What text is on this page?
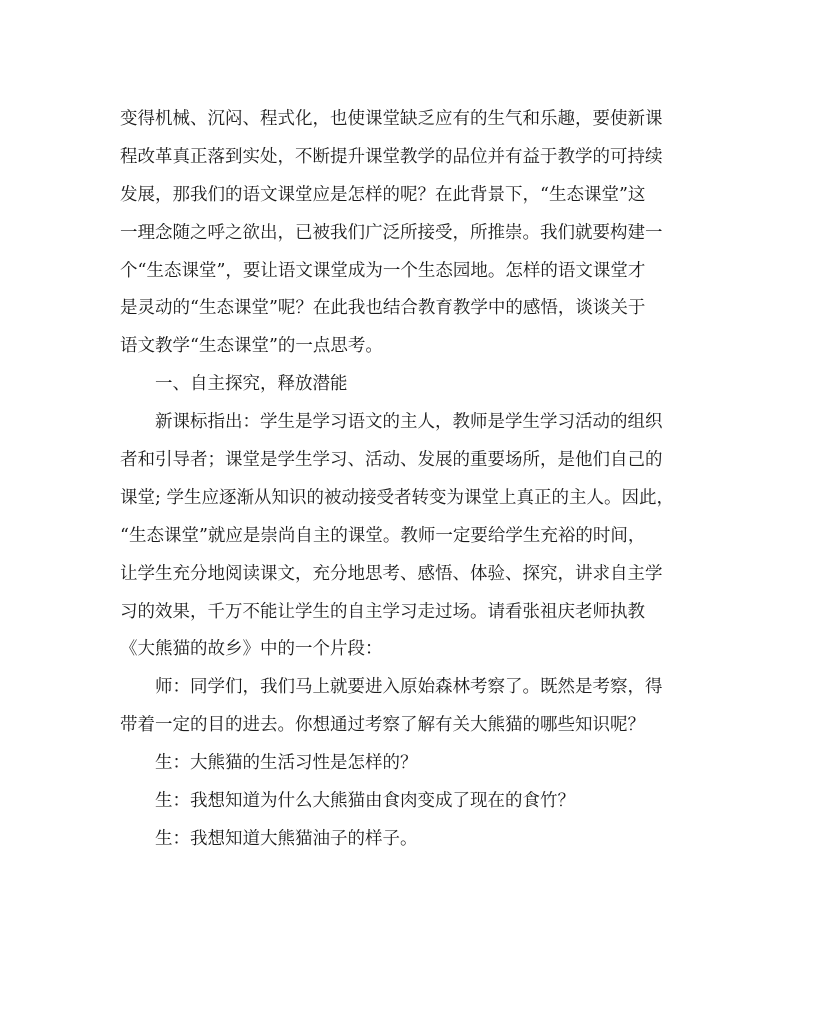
变得机械、沉闷、程式化，也使课堂缺乏应有的生气和乐趣，要使新课
程改革真正落到实处，不断提升课堂教学的品位并有益于教学的可持续
发展，那我们的语文课堂应是怎样的呢？在此背景下，“生态课堂”这
一理念随之呼之欲出，已被我们广泛所接受，所推崇。我们就要构建一
个“生态课堂”，要让语文课堂成为一个生态园地。怎样的语文课堂才
是灵动的“生态课堂”呢？在此我也结合教育教学中的感悟，谈谈关于
语文教学“生态课堂”的一点思考。
一、自主探究，释放潜能
新课标指出：学生是学习语文的主人，教师是学生学习活动的组织
者和引导者；课堂是学生学习、活动、发展的重要场所，是他们自己的
课堂; 学生应逐渐从知识的被动接受者转变为课堂上真正的主人。因此，
“生态课堂”就应是崇尚自主的课堂。教师一定要给学生充裕的时间，
让学生充分地阅读课文，充分地思考、感悟、体验、探究，讲求自主学
习的效果，千万不能让学生的自主学习走过场。请看张祖庆老师执教
《大熊猫的故乡》中的一个片段：
师：同学们，我们马上就要进入原始森林考察了。既然是考察，得
带着一定的目的进去。你想通过考察了解有关大熊猫的哪些知识呢？
生：大熊猫的生活习性是怎样的？
生：我想知道为什么大熊猫由食肉变成了现在的食竹？
生：我想知道大熊猫油子的样子。
